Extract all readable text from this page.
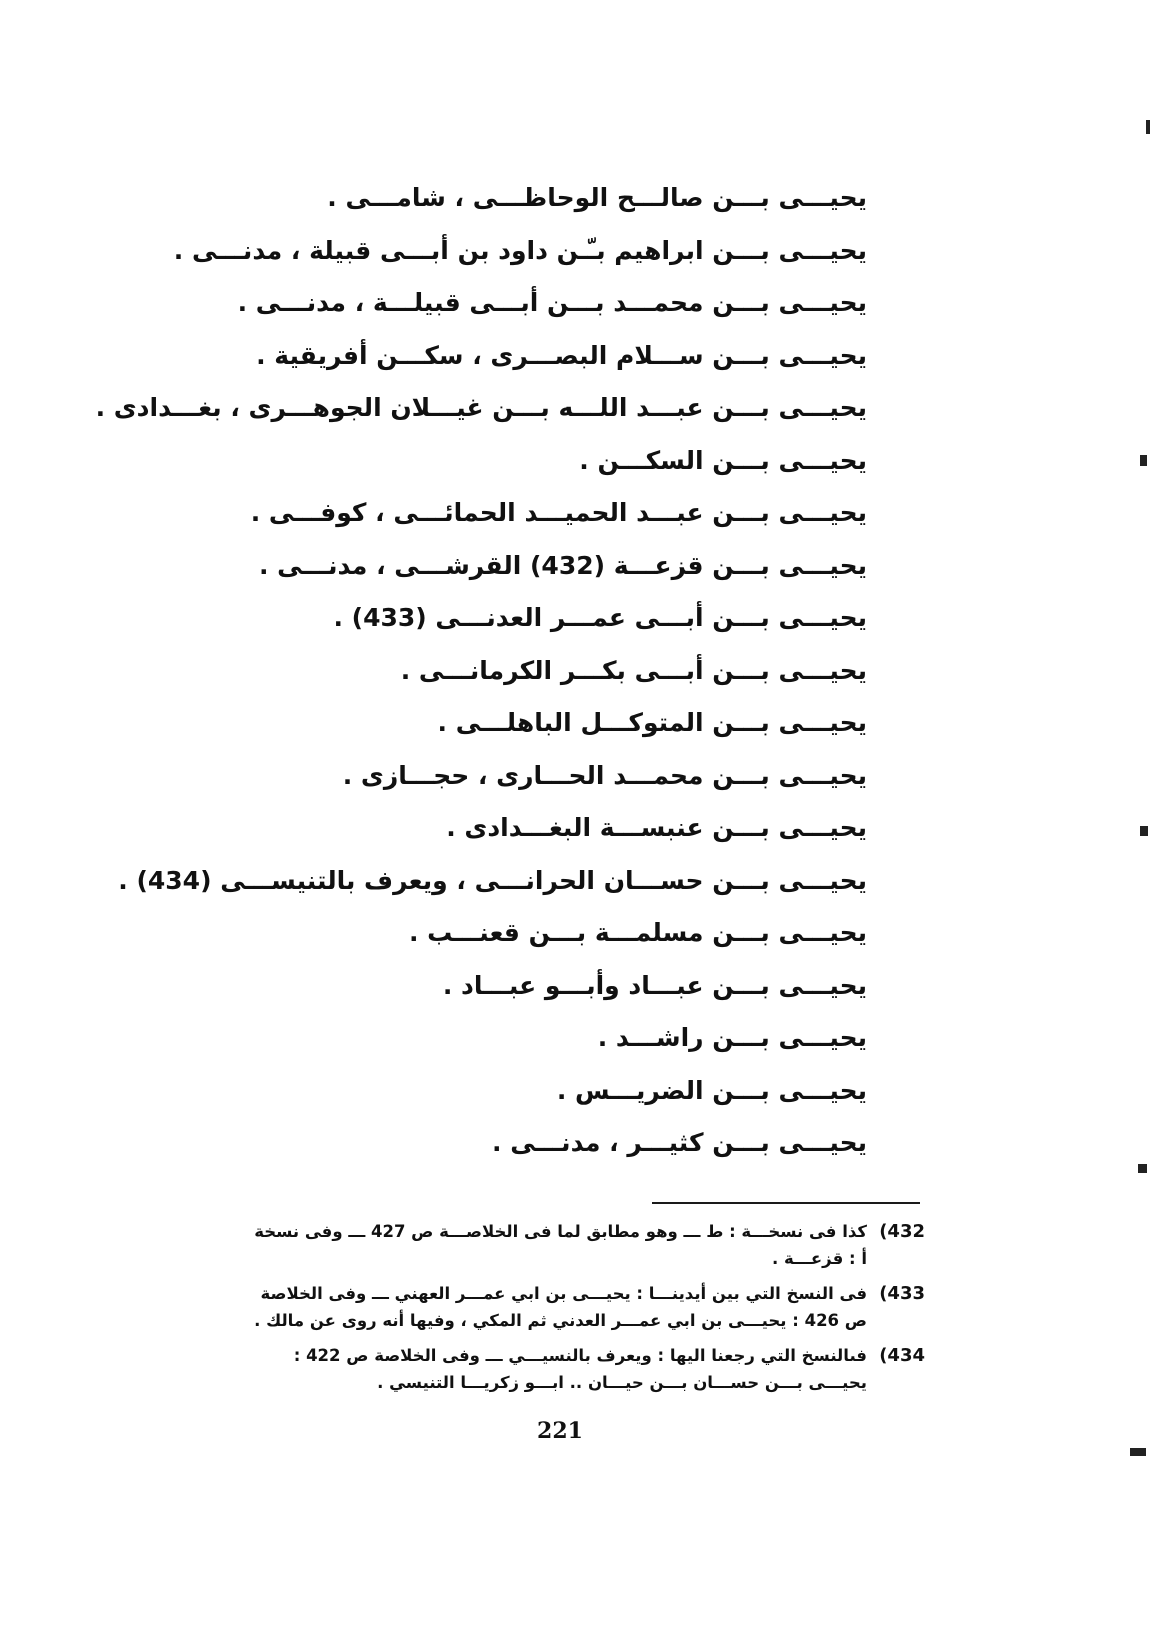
يحيـــى بـــن صالـــح الوحاظـــى ، شامـــى .
يحيـــى بـــن ابراهيم بـّـن داود بن أبـــى قبيلة ، مدنـــى .
يحيـــى بـــن محمـــد بـــن أبـــى قبيلـــة ، مدنـــى .
يحيـــى بـــن ســـلام البصـــرى ، سكـــن أفريقية .
يحيـــى بـــن عبـــد اللـــه بـــن غيـــلان الجوهـــرى ، بغـــدادى .
يحيـــى بـــن السكـــن .
يحيـــى بـــن عبـــد الحميـــد الحمائـــى ، كوفـــى .
يحيـــى بـــن قزعـــة (432) القرشـــى ، مدنـــى .
يحيـــى بـــن أبـــى عمـــر العدنـــى (433) .
يحيـــى بـــن أبـــى بكـــر الكرمانـــى .
يحيـــى بـــن المتوكـــل الباهلـــى .
يحيـــى بـــن محمـــد الحـــارى ، حجـــازى .
يحيـــى بـــن عنبســـة البغـــدادى .
يحيـــى بـــن حســـان الحرانـــى ، ويعرف بالتنيســـى (434) .
يحيـــى بـــن مسلمـــة بـــن قعنـــب .
يحيـــى بـــن عبـــاد وأبـــو عبـــاد .
يحيـــى بـــن راشـــد .
يحيـــى بـــن الضريـــس .
يحيـــى بـــن كثيـــر ، مدنـــى .
432)
كذا فى نسخـــة : ط ـــ وهو مطابق لما فى الخلاصـــة ص 427 ـــ وفى نسخة
أ : قزعـــة .
433)
فى النسخ التي بين أيدينـــا : يحيـــى بن ابي عمـــر العهني ـــ وفى الخلاصة
ص 426 : يحيـــى بن ابي عمـــر العدني ثم المكي ، وفيها أنه روى عن مالك .
434)
فىالنسخ التي رجعنا اليها : ويعرف بالنسيـــي ـــ وفى الخلاصة ص 422 :
يحيـــى بـــن حســـان بـــن حيـــان .. ابـــو زكريـــا التنيسي .
221
